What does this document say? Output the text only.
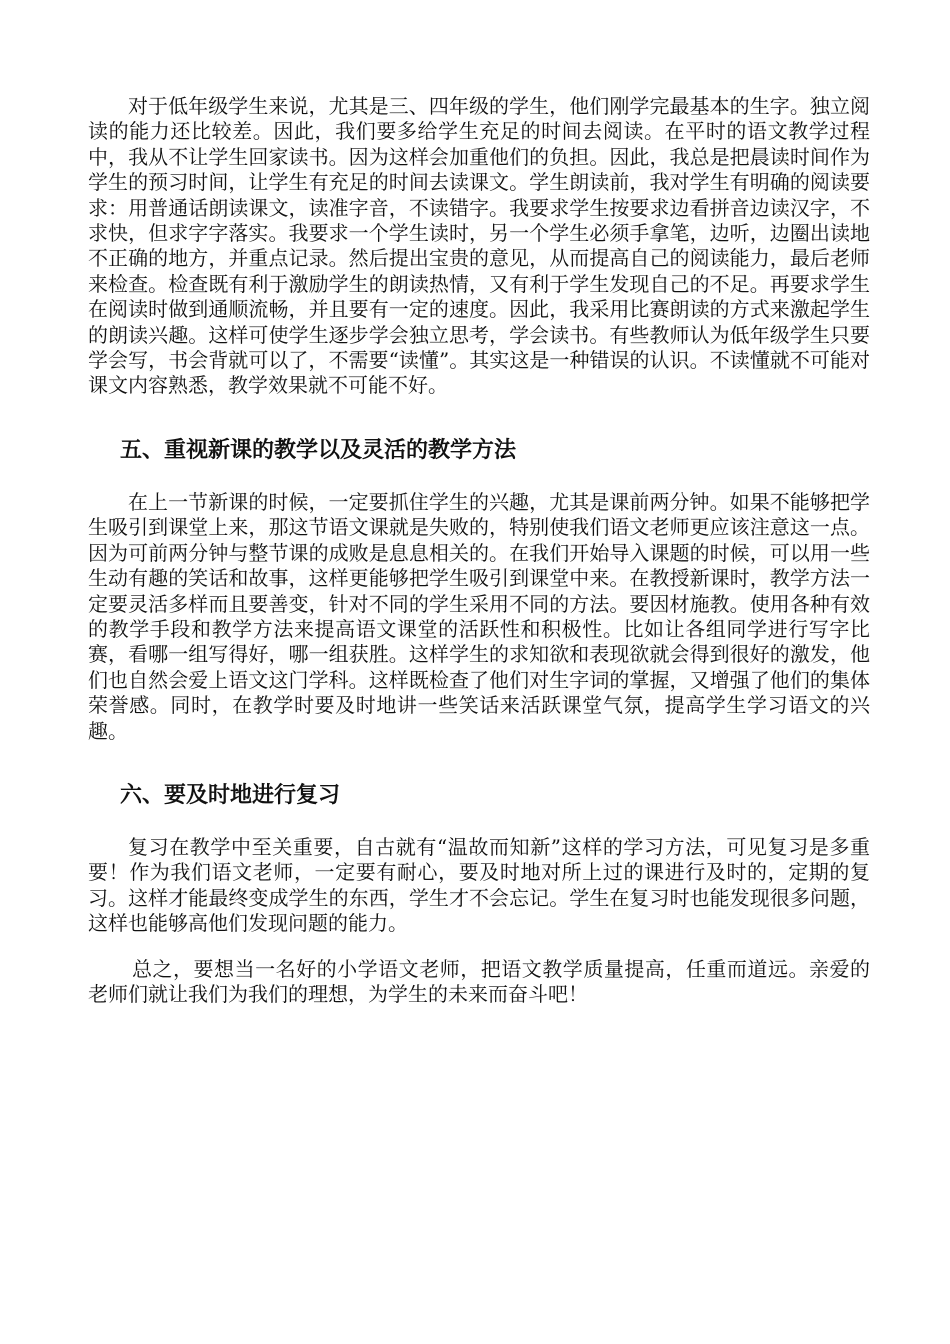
对于低年级学生来说，尤其是三、四年级的学生，他们刚学完最基本的生字。独立阅读的能力还比较差。因此，我们要多给学生充足的时间去阅读。在平时的语文教学过程中，我从不让学生回家读书。因为这样会加重他们的负担。因此，我总是把晨读时间作为学生的预习时间，让学生有充足的时间去读课文。学生朗读前，我对学生有明确的阅读要求：用普通话朗读课文，读准字音，不读错字。我要求学生按要求边看拼音边读汉字，不求快，但求字字落实。我要求一个学生读时，另一个学生必须手拿笔，边听，边圈出读地不正确的地方，并重点记录。然后提出宝贵的意见，从而提高自己的阅读能力，最后老师来检查。检查既有利于激励学生的朗读热情，又有利于学生发现自己的不足。再要求学生在阅读时做到通顺流畅，并且要有一定的速度。因此，我采用比赛朗读的方式来激起学生的朗读兴趣。这样可使学生逐步学会独立思考，学会读书。有些教师认为低年级学生只要学会写，书会背就可以了，不需要“读懂”。其实这是一种错误的认识。不读懂就不可能对课文内容熟悉，教学效果就不可能不好。

五、重视新课的教学以及灵活的教学方法

在上一节新课的时候，一定要抓住学生的兴趣，尤其是课前两分钟。如果不能够把学生吸引到课堂上来，那这节语文课就是失败的，特别使我们语文老师更应该注意这一点。因为可前两分钟与整节课的成败是息息相关的。在我们开始导入课题的时候，可以用一些生动有趣的笑话和故事，这样更能够把学生吸引到课堂中来。在教授新课时，教学方法一定要灵活多样而且要善变，针对不同的学生采用不同的方法。要因材施教。使用各种有效的教学手段和教学方法来提高语文课堂的活跃性和积极性。比如让各组同学进行写字比赛，看哪一组写得好，哪一组获胜。这样学生的求知欲和表现欲就会得到很好的激发，他们也自然会爱上语文这门学科。这样既检查了他们对生字词的掌握，又增强了他们的集体荣誉感。同时，在教学时要及时地讲一些笑话来活跃课堂气氛，提高学生学习语文的兴趣。

六、要及时地进行复习

复习在教学中至关重要，自古就有“温故而知新”这样的学习方法，可见复习是多重要！作为我们语文老师，一定要有耐心，要及时地对所上过的课进行及时的，定期的复习。这样才能最终变成学生的东西，学生才不会忘记。学生在复习时也能发现很多问题，这样也能够高他们发现问题的能力。

总之，要想当一名好的小学语文老师，把语文教学质量提高，任重而道远。亲爱的老师们就让我们为我们的理想，为学生的未来而奋斗吧！
